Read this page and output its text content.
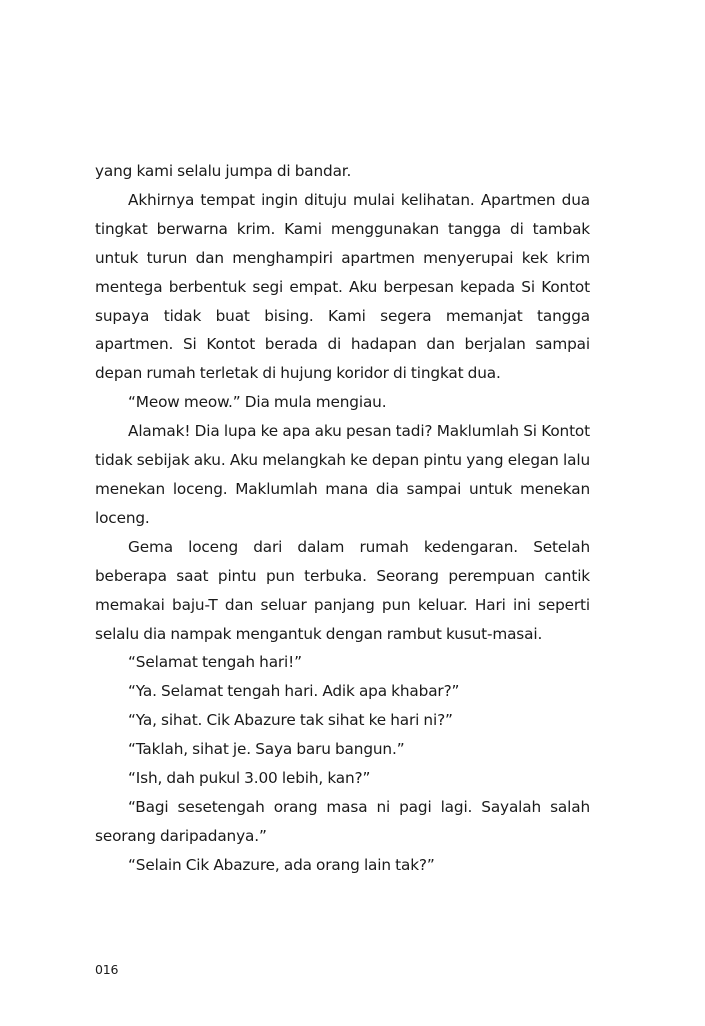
yang kami selalu jumpa di bandar.

Akhirnya tempat ingin dituju mulai kelihatan. Apartmen dua tingkat berwarna krim. Kami menggunakan tangga di tambak untuk turun dan menghampiri apartmen menyerupai kek krim mentega berbentuk segi empat. Aku berpesan kepada Si Kontot supaya tidak buat bising. Kami segera memanjat tangga apartmen. Si Kontot berada di hadapan dan berjalan sampai depan rumah terletak di hujung koridor di tingkat dua.

“Meow meow.” Dia mula mengiau.

Alamak! Dia lupa ke apa aku pesan tadi? Maklumlah Si Kontot tidak sebijak aku. Aku melangkah ke depan pintu yang elegan lalu menekan loceng. Maklumlah mana dia sampai untuk menekan loceng.

Gema loceng dari dalam rumah kedengaran. Setelah beberapa saat pintu pun terbuka. Seorang perempuan cantik memakai baju-T dan seluar panjang pun keluar. Hari ini seperti selalu dia nampak mengantuk dengan rambut kusut-masai.

“Selamat tengah hari!”

“Ya. Selamat tengah hari. Adik apa khabar?”

“Ya, sihat. Cik Abazure tak sihat ke hari ni?”

“Taklah, sihat je. Saya baru bangun.”

“Ish, dah pukul 3.00 lebih, kan?”

“Bagi sesetengah orang masa ni pagi lagi. Sayalah salah seorang daripadanya.”

“Selain Cik Abazure, ada orang lain tak?”

016
